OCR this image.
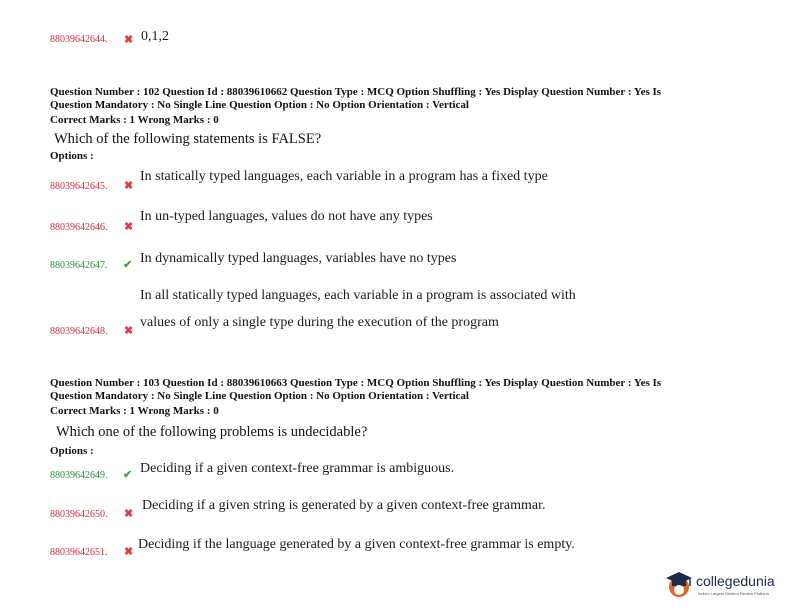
88039642644. ✖ 0,1,2
Question Number : 102 Question Id : 88039610662 Question Type : MCQ Option Shuffling : Yes Display Question Number : Yes Is
Question Mandatory : No Single Line Question Option : No Option Orientation : Vertical
Correct Marks : 1 Wrong Marks : 0
Which of the following statements is FALSE?
Options :
88039642645. ✖
In statically typed languages, each variable in a program has a fixed type
88039642646. ✖
In un-typed languages, values do not have any types
88039642647. ✔ In dynamically typed languages, variables have no types
In all statically typed languages, each variable in a program is associated with
88039642648. ✖
values of only a single type during the execution of the program
Question Number : 103 Question Id : 88039610663 Question Type : MCQ Option Shuffling : Yes Display Question Number : Yes Is
Question Mandatory : No Single Line Question Option : No Option Orientation : Vertical
Correct Marks : 1 Wrong Marks : 0
Which one of the following problems is undecidable?
Options :
88039642649. ✔ Deciding if a given context-free grammar is ambiguous.
88039642650. ✖
Deciding if a given string is generated by a given context-free grammar.
88039642651. ✖ Deciding if the language generated by a given context-free grammar is empty.
collegedunia
India's Largest Student Review Platform
